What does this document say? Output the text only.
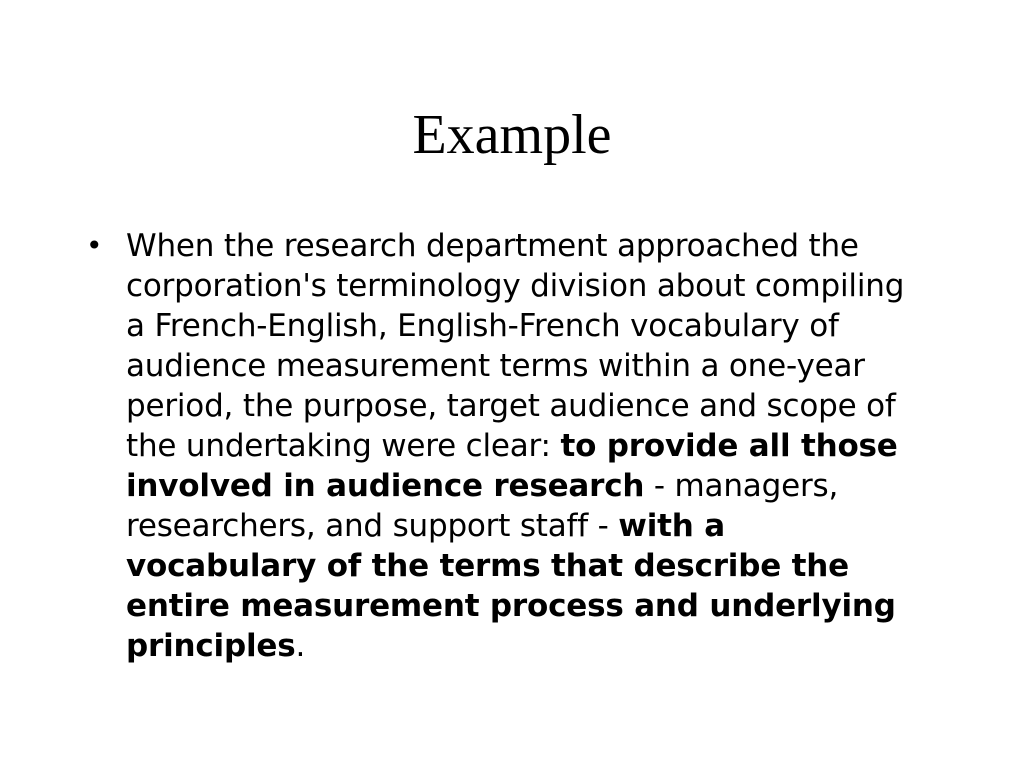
Example
• When the research department approached the corporation's terminology division about compiling a French-English, English-French vocabulary of audience measurement terms within a one-year period, the purpose, target audience and scope of the undertaking were clear: to provide all those involved in audience research - managers, researchers, and support staff - with a vocabulary of the terms that describe the entire measurement process and underlying principles.
